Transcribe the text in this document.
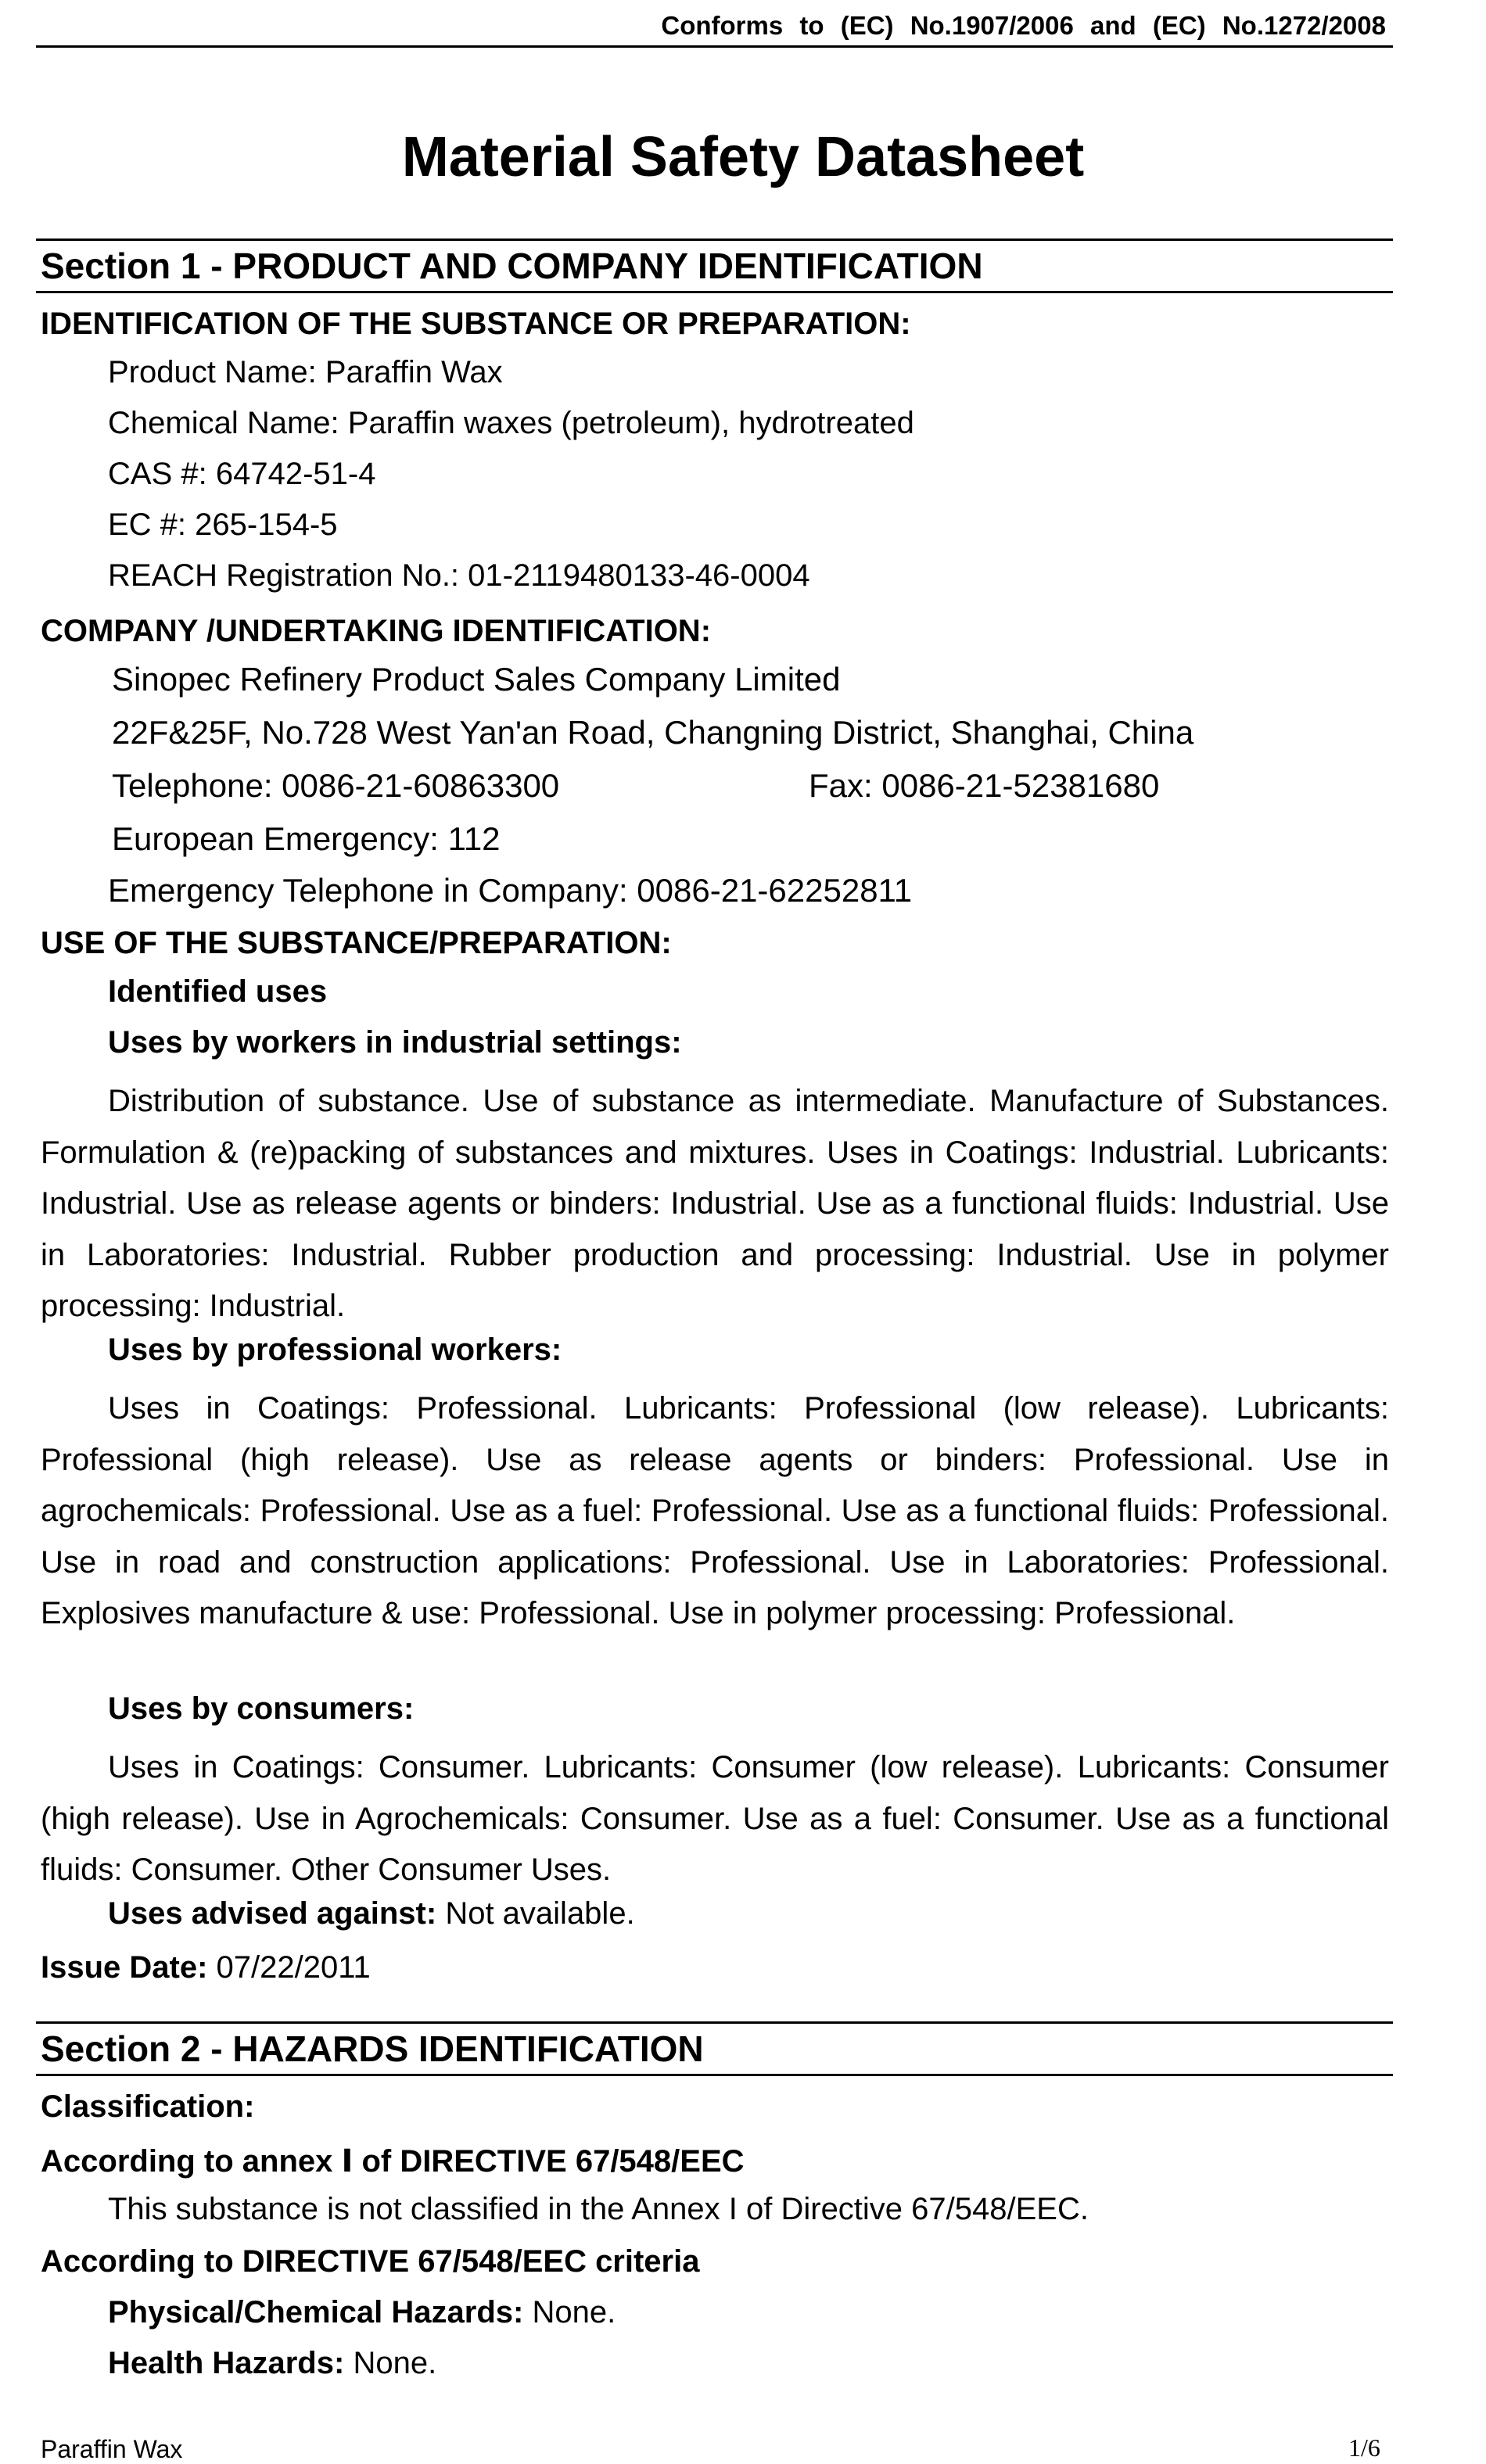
Conforms to (EC) No.1907/2006 and (EC) No.1272/2008
Material Safety Datasheet
Section 1 - PRODUCT AND COMPANY IDENTIFICATION
IDENTIFICATION OF THE SUBSTANCE OR PREPARATION:
Product Name: Paraffin Wax
Chemical Name: Paraffin waxes (petroleum), hydrotreated
CAS #: 64742-51-4
EC #: 265-154-5
REACH Registration No.: 01-2119480133-46-0004
COMPANY /UNDERTAKING IDENTIFICATION:
Sinopec Refinery Product Sales Company Limited
22F&25F, No.728 West Yan'an Road, Changning District, Shanghai, China
Telephone: 0086-21-60863300	Fax: 0086-21-52381680
European Emergency: 112
Emergency Telephone in Company: 0086-21-62252811
USE OF THE SUBSTANCE/PREPARATION:
Identified uses
Uses by workers in industrial settings:
Distribution of substance. Use of substance as intermediate. Manufacture of Substances. Formulation & (re)packing of substances and mixtures. Uses in Coatings: Industrial. Lubricants: Industrial. Use as release agents or binders: Industrial. Use as a functional fluids: Industrial. Use in Laboratories: Industrial. Rubber production and processing: Industrial. Use in polymer processing: Industrial.
Uses by professional workers:
Uses in Coatings: Professional. Lubricants: Professional (low release). Lubricants: Professional (high release). Use as release agents or binders: Professional. Use in agrochemicals: Professional. Use as a fuel: Professional. Use as a functional fluids: Professional. Use in road and construction applications: Professional. Use in Laboratories: Professional. Explosives manufacture & use: Professional. Use in polymer processing: Professional.
Uses by consumers:
Uses in Coatings: Consumer. Lubricants: Consumer (low release). Lubricants: Consumer (high release). Use in Agrochemicals: Consumer. Use as a fuel: Consumer. Use as a functional fluids: Consumer. Other Consumer Uses.
Uses advised against: Not available.
Issue Date: 07/22/2011
Section 2 - HAZARDS IDENTIFICATION
Classification:
According to annex Ⅰ of DIRECTIVE 67/548/EEC
This substance is not classified in the Annex I of Directive 67/548/EEC.
According to DIRECTIVE 67/548/EEC criteria
Physical/Chemical Hazards: None.
Health Hazards: None.
Paraffin Wax	1/6
